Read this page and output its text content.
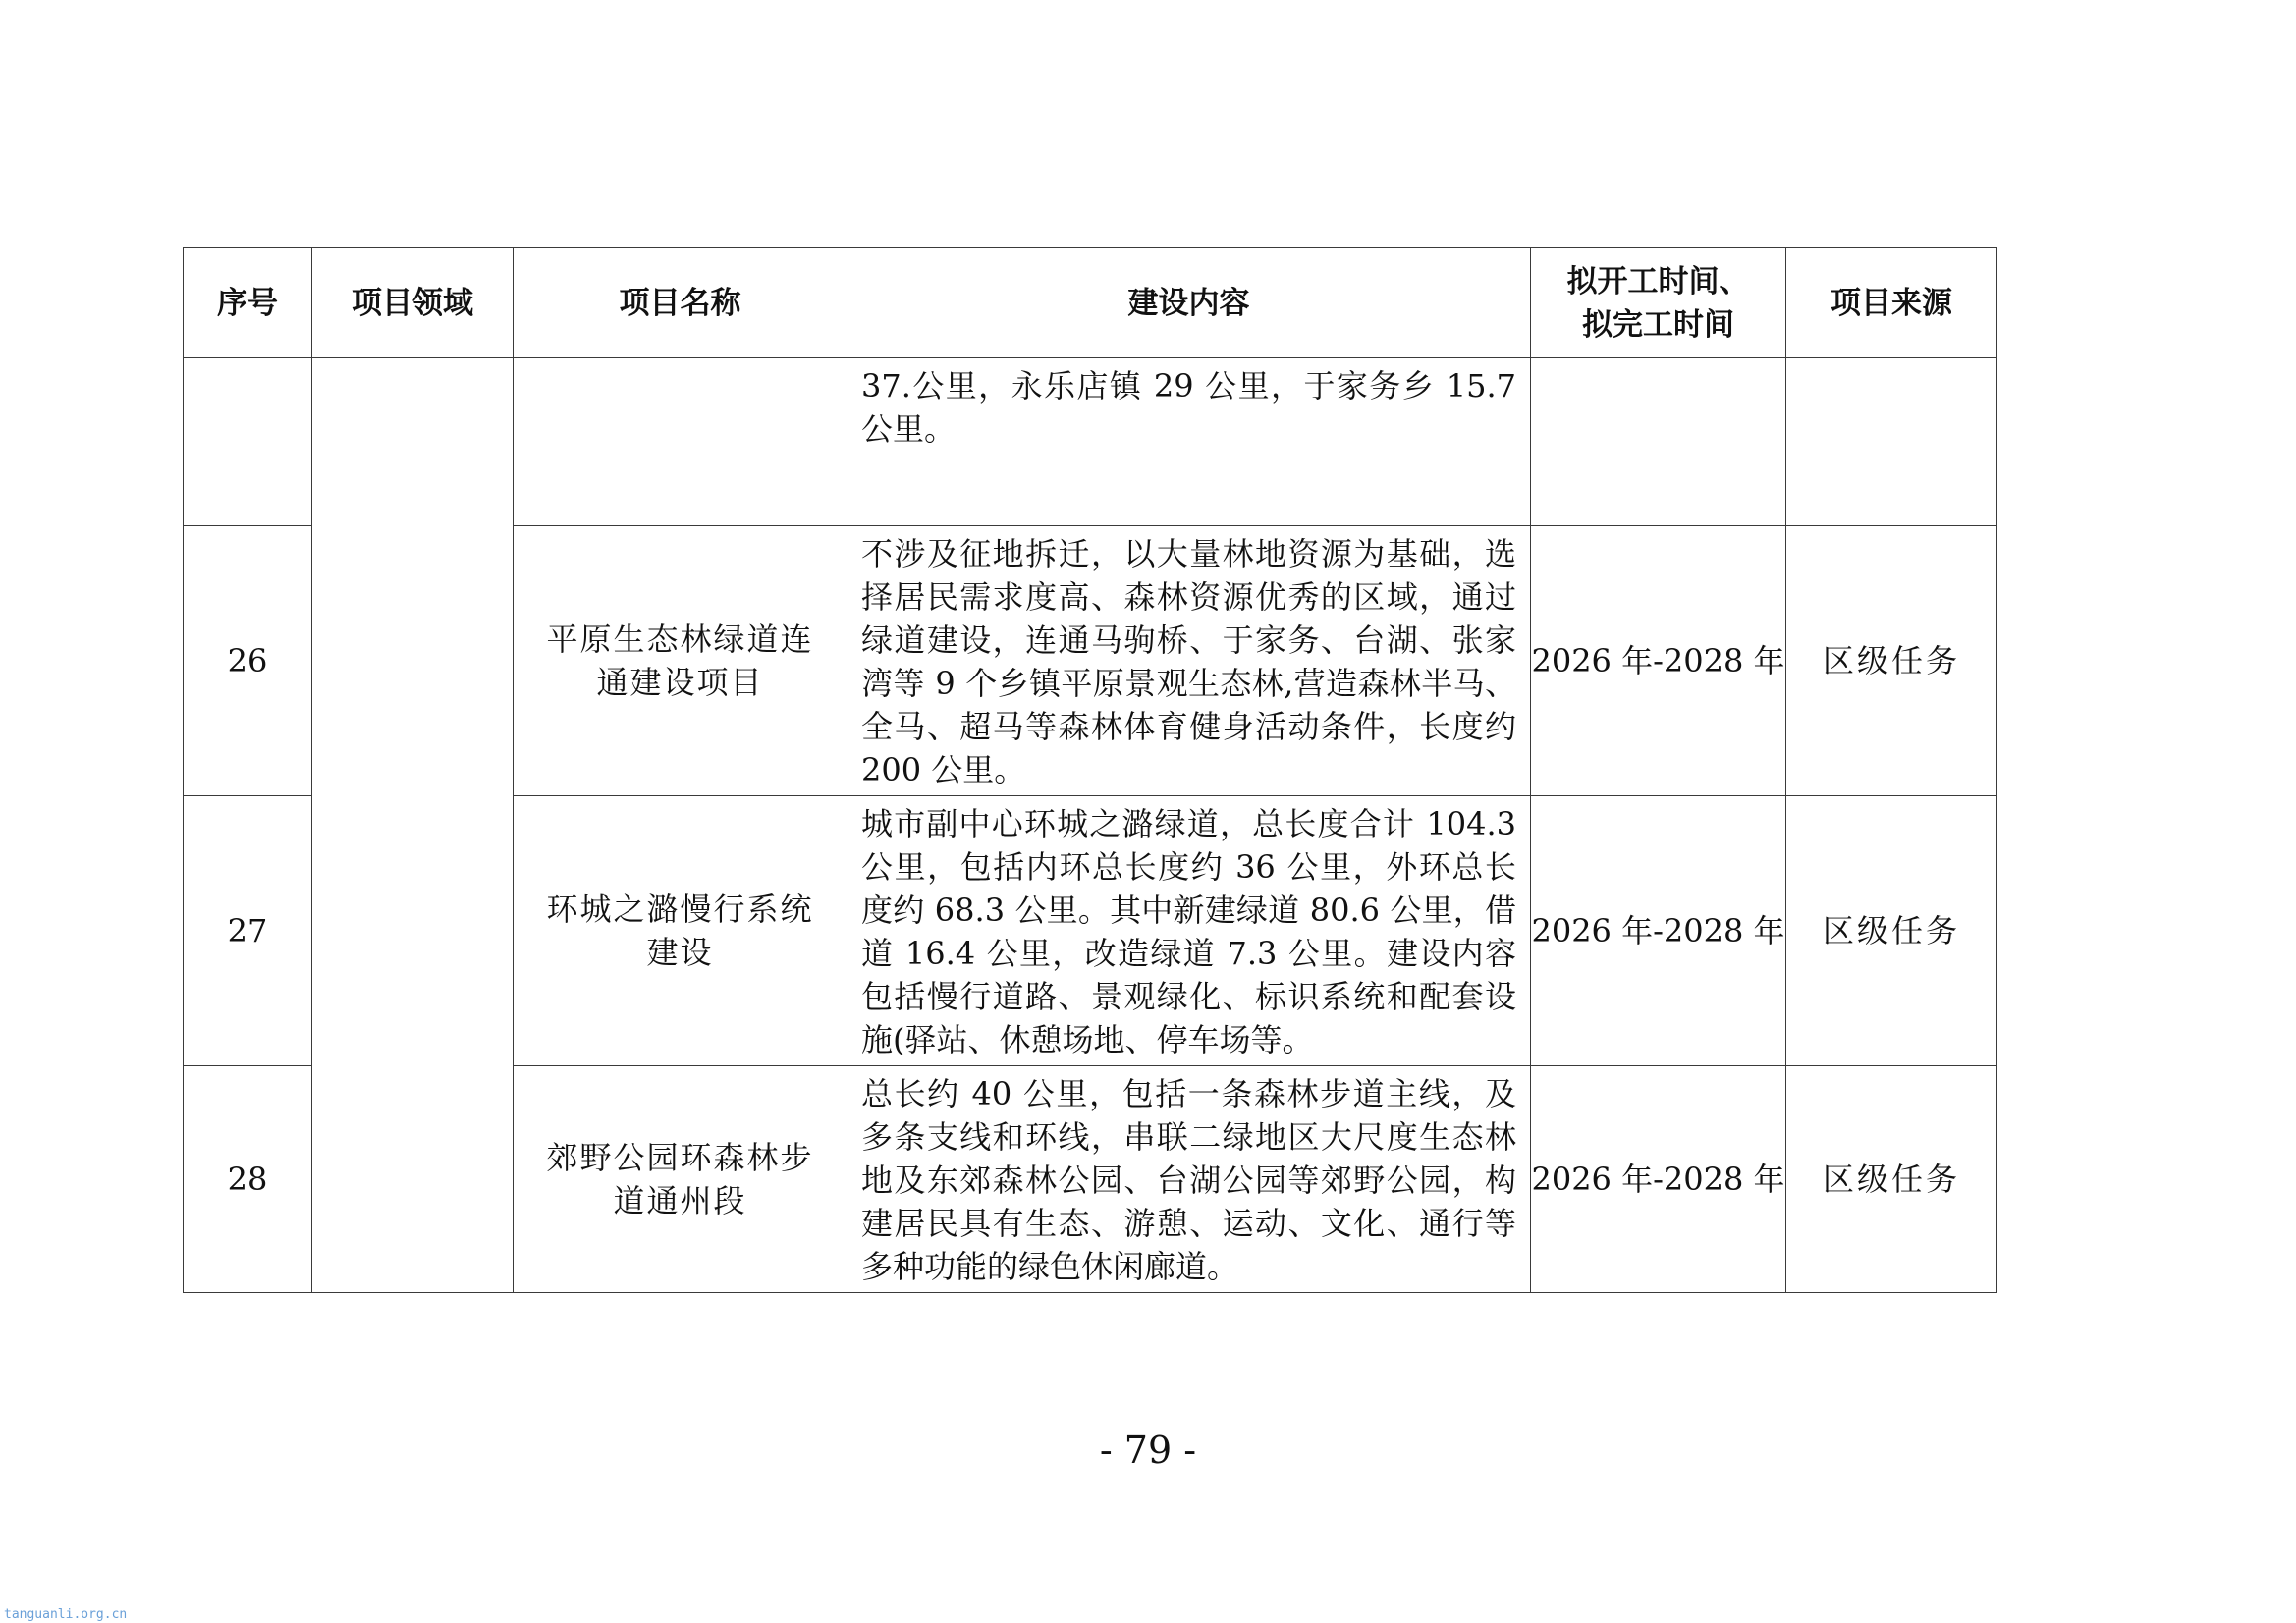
序号	项目领域	项目名称	建设内容	拟开工时间、拟完工时间	项目来源
			37.公里，永乐店镇 29 公里，于家务乡 15.7 公里。		
26		平原生态林绿道连通建设项目	不涉及征地拆迁，以大量林地资源为基础，选择居民需求度高、森林资源优秀的区域，通过绿道建设，连通马驹桥、于家务、台湖、张家湾等 9 个乡镇平原景观生态林,营造森林半马、全马、超马等森林体育健身活动条件，长度约 200 公里。	2026 年-2028 年	区级任务
27		环城之潞慢行系统建设	城市副中心环城之潞绿道，总长度合计 104.3 公里，包括内环总长度约 36 公里，外环总长度约 68.3 公里。其中新建绿道 80.6 公里，借道 16.4 公里，改造绿道 7.3 公里。建设内容包括慢行道路、景观绿化、标识系统和配套设施(驿站、休憩场地、停车场等。	2026 年-2028 年	区级任务
28		郊野公园环森林步道通州段	总长约 40 公里，包括一条森林步道主线，及多条支线和环线，串联二绿地区大尺度生态林地及东郊森林公园、台湖公园等郊野公园，构建居民具有生态、游憩、运动、文化、通行等多种功能的绿色休闲廊道。	2026 年-2028 年	区级任务
- 79 -
tanguanli.org.cn
